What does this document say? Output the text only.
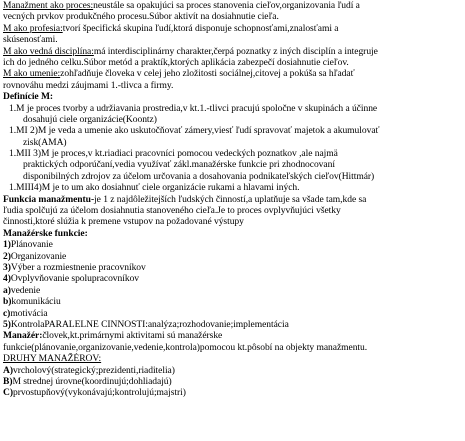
Manažment ako proces:neustále sa opakujúci sa proces stanovenia cieľov,organizovania ľudí a
vecných prvkov produkčného procesu.Súbor aktivít na dosiahnutie cieľa.
M ako profesia:tvorí špecifická skupina ľudí,ktorá disponuje schopnosťami,znalosťami a
skúsenosťami.
M ako vedná disciplína:má interdisciplinárny charakter,čerpá poznatky z iných disciplín a integruje
ich do jedného celku.Súbor metód a praktík,ktorých aplikácia zabezpečí dosiahnutie cieľov.
M ako umenie:zohľadňuje človeka v celej jeho zložitosti sociálnej,citovej a pokúša sa hľadať
rovnováhu medzi záujmami 1.-tlivca a firmy.
Definície M:
1.M je proces tvorby a udržiavania prostredia,v kt.1.-tlivci pracujú spoločne v skupinách a účinne
dosahujú ciele organizácie(Koontz)
1.MI 2)M je veda a umenie ako uskutočňovať zámery,viesť ľudí spravovať majetok a akumulovať
zisk(AMA)
1.MII 3)M je proces,v kt.riadiaci pracovníci pomocou vedeckých poznatkov ,ale najmä
praktických odporúčaní,vedia využívať zákl.manažérske funkcie pri zhodnocovaní
disponibilných zdrojov za účelom určovania a dosahovania podnikateľských cieľov(Hittmár)
1.MIII4)M je to um ako dosiahnuť ciele organizácie rukami a hlavami iných.
Funkcia manažmentu-je 1 z najdôležitejších ľudských činností,a uplatňuje sa všade tam,kde sa
ľudia spolčujú za účelom dosiahnutia stanoveného cieľa.Je to proces ovplyvňujúci všetky
činnosti,ktoré slúžia k premene vstupov na požadované výstupy
Manažérske funkcie:
1)Plánovanie
2)Organizovanie
3)Výber a rozmiestnenie pracovníkov
4)Ovplyvňovanie spolupracovníkov
a)vedenie
b)komunikáciu
c)motivácia
5)KontrolaPARALELNE CINNOSTI:analýza;rozhodovanie;implementácia
Manažér:človek,kt.primárnymi aktivitami sú manažérske
funkcie(plánovanie,organizovanie,vedenie,kontrola)pomocou kt.pôsobí na objekty manažmentu.
DRUHY MANAŽÉROV:
A)vrcholový(strategický;prezidenti,riaditelia)
B)M strednej úrovne(koordinujú;dohliadajú)
C)prvostupňový(vykonávajú;kontrolujú;majstri)
